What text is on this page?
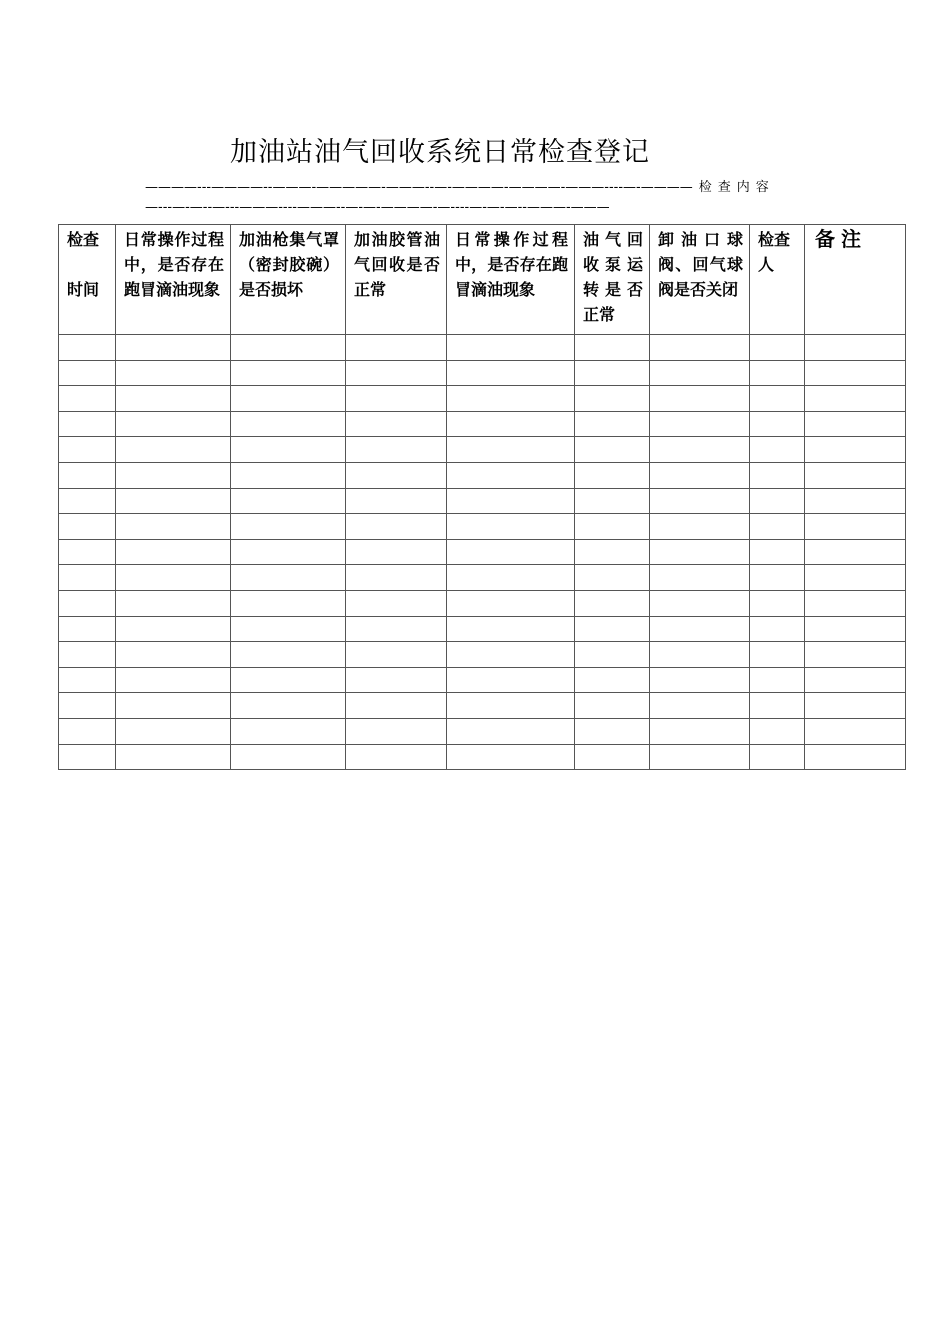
加油站油气回收系统日常检查登记
————---————--———-—————-———--—-————-————-———----—-———— 检查内容
—---—-—--—---———----———--—-—-————-—----—-—-—--———-———
检查

时间	日常操作过程中，是否存在跑冒滴油现象	加油枪集气罩（密封胶碗）是否损坏	加油胶管油气回收是否正常	日常操作过程中，是否存在跑冒滴油现象	油气回收泵运转是否正常	卸油口球阀、回气球阀是否关闭	检查人	备注
